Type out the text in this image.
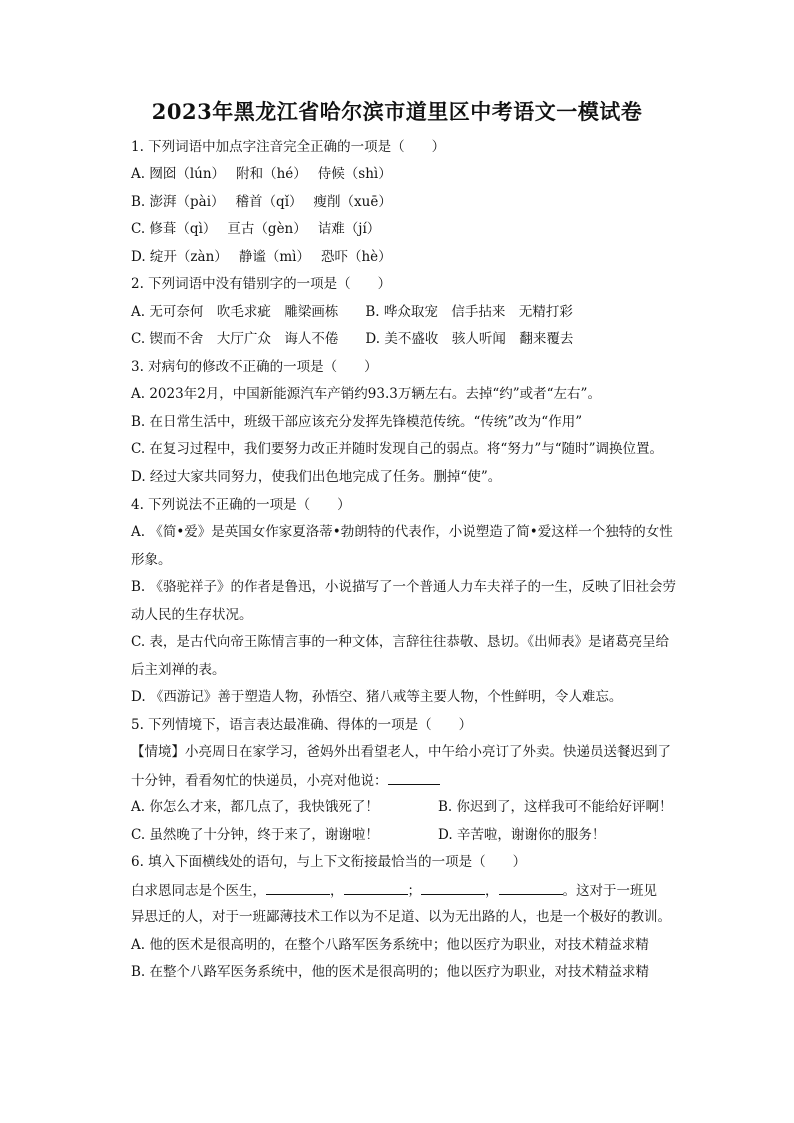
2023年黑龙江省哈尔滨市道里区中考语文一模试卷
1. 下列词语中加点字注音完全正确的一项是（　　）
A. 囫囵（lún）　 附和（hé）　 侍候（shì）
B. 澎湃（pài）　 稽首（qǐ）　 瘦削（xuē）
C. 修葺（qì）　 亘古（gèn）　 诘难（jí）
D. 绽开（zàn）　 静谧（mì）　 恐吓（hè）
2. 下列词语中没有错别字的一项是（　　）
A. 无可奈何　吹毛求疵　雕梁画栋　　B. 哗众取宠　信手拈来　无精打彩
C. 锲而不舍　大厅广众　诲人不倦　　D. 美不盛收　骇人听闻　翻来覆去
3. 对病句的修改不正确的一项是（　　）
A. 2023年2月，中国新能源汽车产销约93.3万辆左右。去掉“约”或者“左右”。
B. 在日常生活中，班级干部应该充分发挥先锋模范传统。“传统”改为“作用”
C. 在复习过程中，我们要努力改正并随时发现自己的弱点。将“努力”与“随时”调换位置。
D. 经过大家共同努力，使我们出色地完成了任务。删掉“使”。
4. 下列说法不正确的一项是（　　）
A. 《简•爱》是英国女作家夏洛蒂•勃朗特的代表作，小说塑造了简•爱这样一个独特的女性
形象。
B. 《骆驼祥子》的作者是鲁迅，小说描写了一个普通人力车夫祥子的一生，反映了旧社会劳
动人民的生存状况。
C. 表，是古代向帝王陈情言事的一种文体，言辞往往恭敬、恳切。《出师表》是诸葛亮呈给
后主刘禅的表。
D. 《西游记》善于塑造人物，孙悟空、猪八戒等主要人物，个性鲜明，令人难忘。
5. 下列情境下，语言表达最准确、得体的一项是（　　）
【情境】小亮周日在家学习，爸妈外出看望老人，中午给小亮订了外卖。快递员送餐迟到了
十分钟，看看匆忙的快递员，小亮对他说：
A. 你怎么才来，都几点了，我快饿死了！	B. 你迟到了，这样我可不能给好评啊！
C. 虽然晚了十分钟，终于来了，谢谢啦！	D. 辛苦啦，谢谢你的服务！
6. 填入下面横线处的语句，与上下文衔接最恰当的一项是（　　）
白求恩同志是个医生，	，	；	，	。这对于一班见
异思迁的人，对于一班鄙薄技术工作以为不足道、以为无出路的人，也是一个极好的教训。
A. 他的医术是很高明的，在整个八路军医务系统中；他以医疗为职业，对技术精益求精
B. 在整个八路军医务系统中，他的医术是很高明的；他以医疗为职业，对技术精益求精
